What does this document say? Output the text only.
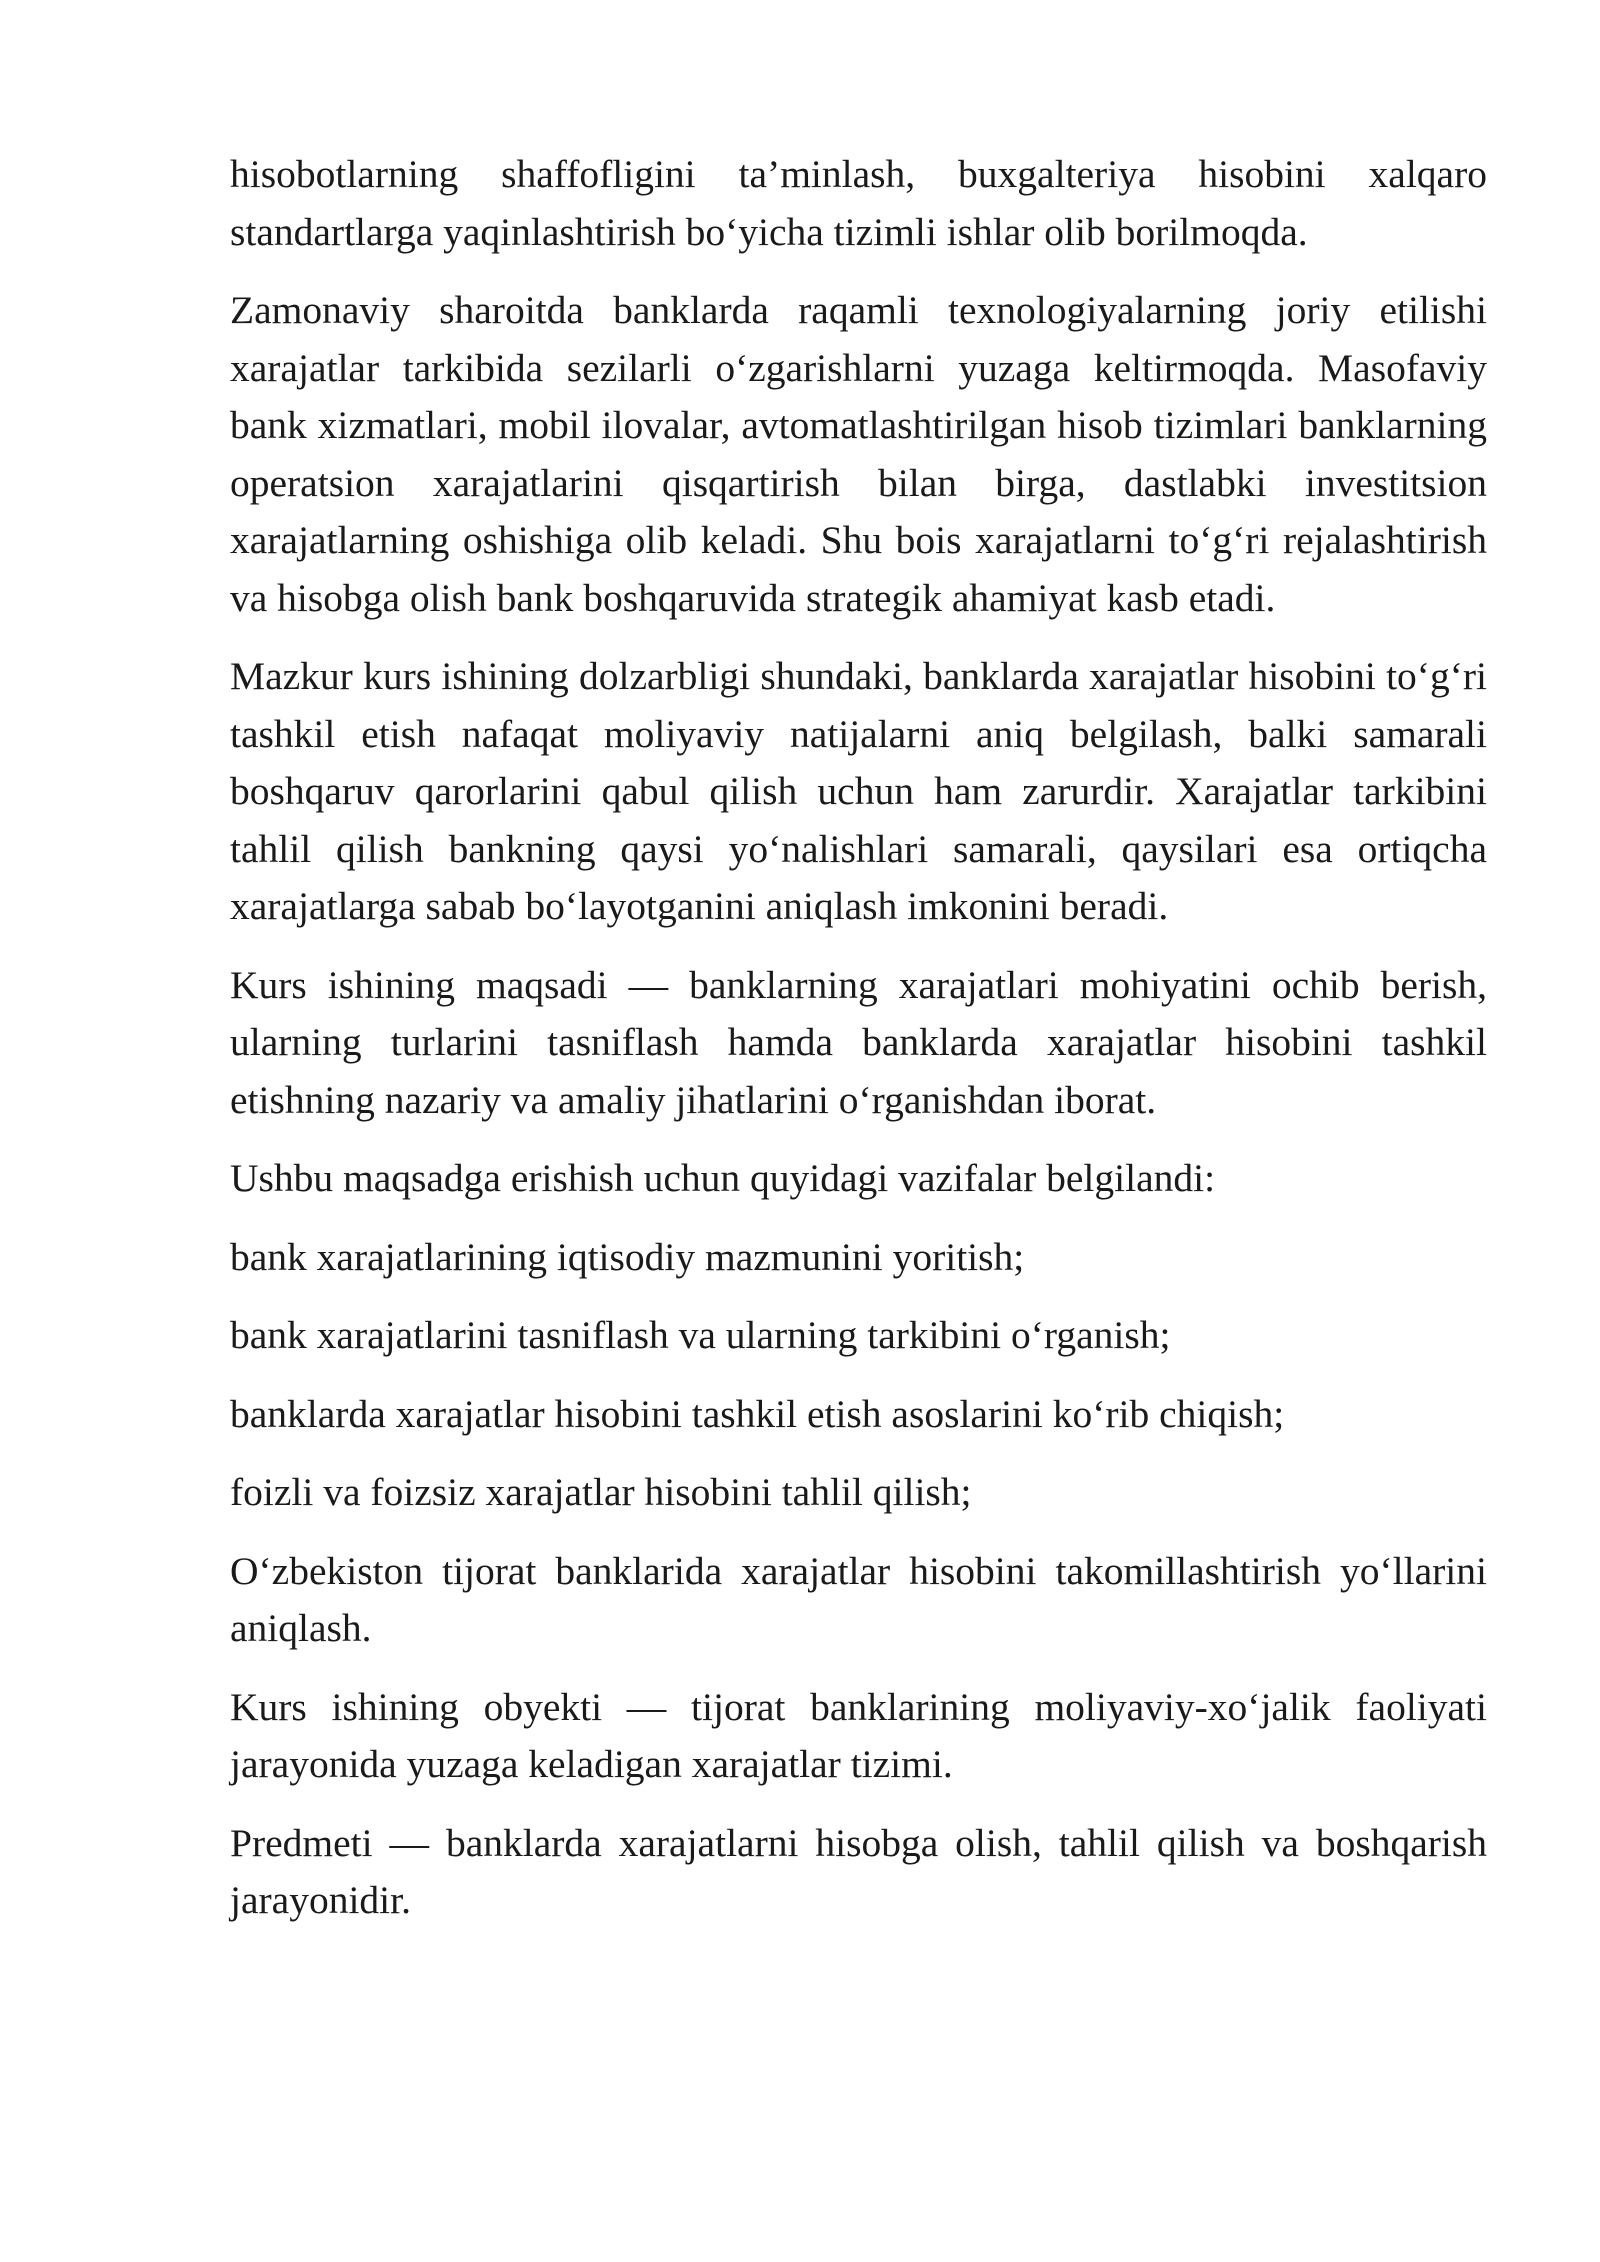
hisobotlarning shaffofligini ta’minlash, buxgalteriya hisobini xalqaro standartlarga yaqinlashtirish bo‘yicha tizimli ishlar olib borilmoqda.

Zamonaviy sharoitda banklarda raqamli texnologiyalarning joriy etilishi xarajatlar tarkibida sezilarli o‘zgarishlarni yuzaga keltirmoqda. Masofaviy bank xizmatlari, mobil ilovalar, avtomatlashtirilgan hisob tizimlari banklarning operatsion xarajatlarini qisqartirish bilan birga, dastlabki investitsion xarajatlarning oshishiga olib keladi. Shu bois xarajatlarni to‘g‘ri rejalashtirish va hisobga olish bank boshqaruvida strategik ahamiyat kasb etadi.

Mazkur kurs ishining dolzarbligi shundaki, banklarda xarajatlar hisobini to‘g‘ri tashkil etish nafaqat moliyaviy natijalarni aniq belgilash, balki samarali boshqaruv qarorlarini qabul qilish uchun ham zarurdir. Xarajatlar tarkibini tahlil qilish bankning qaysi yo‘nalishlari samarali, qaysilari esa ortiqcha xarajatlarga sabab bo‘layotganini aniqlash imkonini beradi.

Kurs ishining maqsadi — banklarning xarajatlari mohiyatini ochib berish, ularning turlarini tasniflash hamda banklarda xarajatlar hisobini tashkil etishning nazariy va amaliy jihatlarini o‘rganishdan iborat.

Ushbu maqsadga erishish uchun quyidagi vazifalar belgilandi:

bank xarajatlarining iqtisodiy mazmunini yoritish;

bank xarajatlarini tasniflash va ularning tarkibini o‘rganish;

banklarda xarajatlar hisobini tashkil etish asoslarini ko‘rib chiqish;

foizli va foizsiz xarajatlar hisobini tahlil qilish;

O‘zbekiston tijorat banklarida xarajatlar hisobini takomillashtirish yo‘llarini aniqlash.

Kurs ishining obyekti — tijorat banklarining moliyaviy-xo‘jalik faoliyati jarayonida yuzaga keladigan xarajatlar tizimi.

Predmeti — banklarda xarajatlarni hisobga olish, tahlil qilish va boshqarish jarayonidir.
